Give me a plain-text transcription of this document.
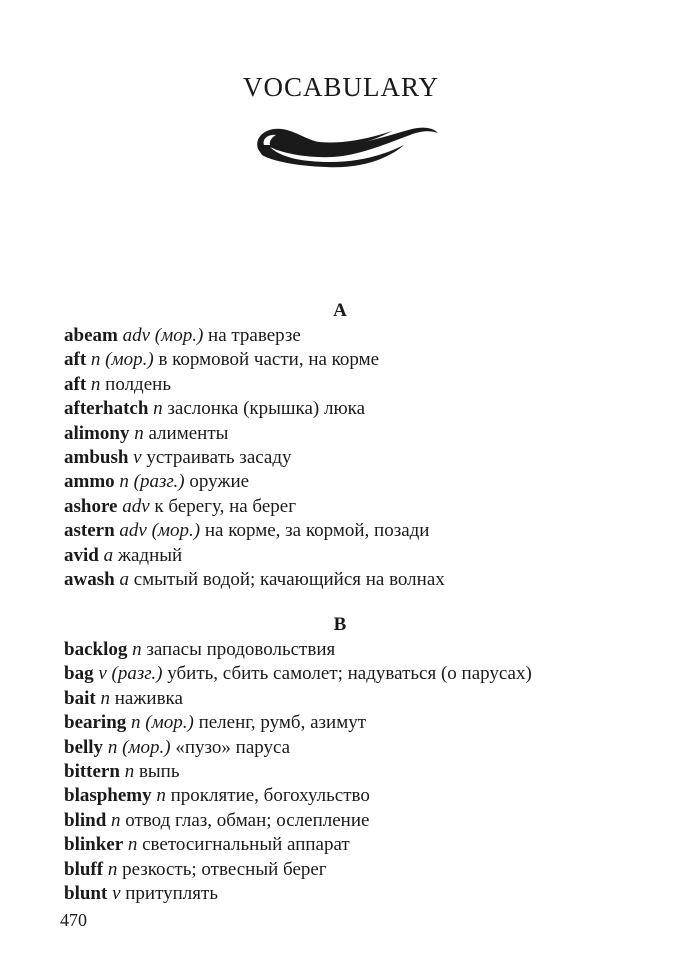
VOCABULARY
A
abeam adv (мор.) на траверзе
aft n (мор.) в кормовой части, на корме
aft n полдень
afterhatch n заслонка (крышка) люка
alimony n алименты
ambush v устраивать засаду
ammo n (разг.) оружие
ashore adv к берегу, на берег
astern adv (мор.) на корме, за кормой, позади
avid a жадный
awash a смытый водой; качающийся на волнах
B
backlog n запасы продовольствия
bag v (разг.) убить, сбить самолет; надуваться (о парусах)
bait n наживка
bearing n (мор.) пеленг, румб, азимут
belly n (мор.) «пузо» паруса
bittern n выпь
blasphemy n проклятие, богохульство
blind n отвод глаз, обман; ослепление
blinker n светосигнальный аппарат
bluff n резкость; отвесный берег
blunt v притуплять
470
